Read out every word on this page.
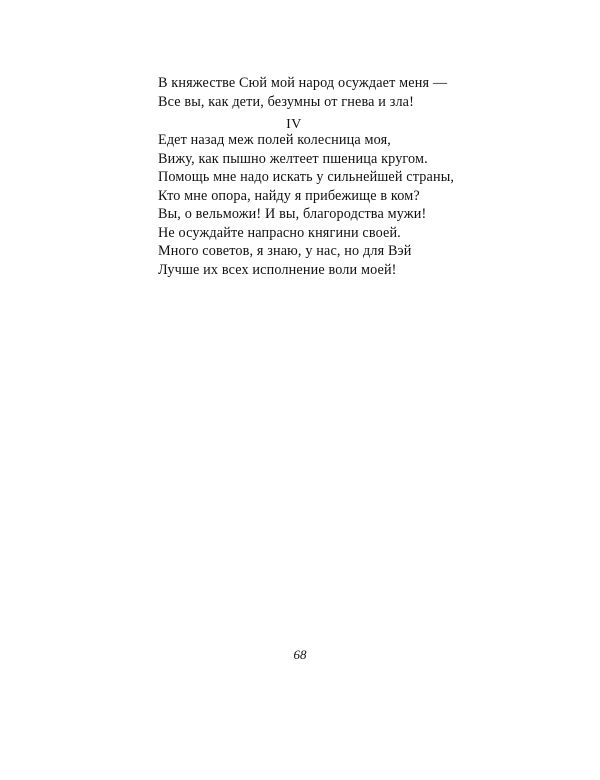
В княжестве Сюй мой народ осуждает меня —
Все вы, как дети, безумны от гнева и зла!
IV
Едет назад меж полей колесница моя,
Вижу, как пышно желтеет пшеница кругом.
Помощь мне надо искать у сильнейшей страны,
Кто мне опора, найду я прибежище в ком?
Вы, о вельможи! И вы, благородства мужи!
Не осуждайте напрасно княгини своей.
Много советов, я знаю, у нас, но для Вэй
Лучше их всех исполнение воли моей!
68
